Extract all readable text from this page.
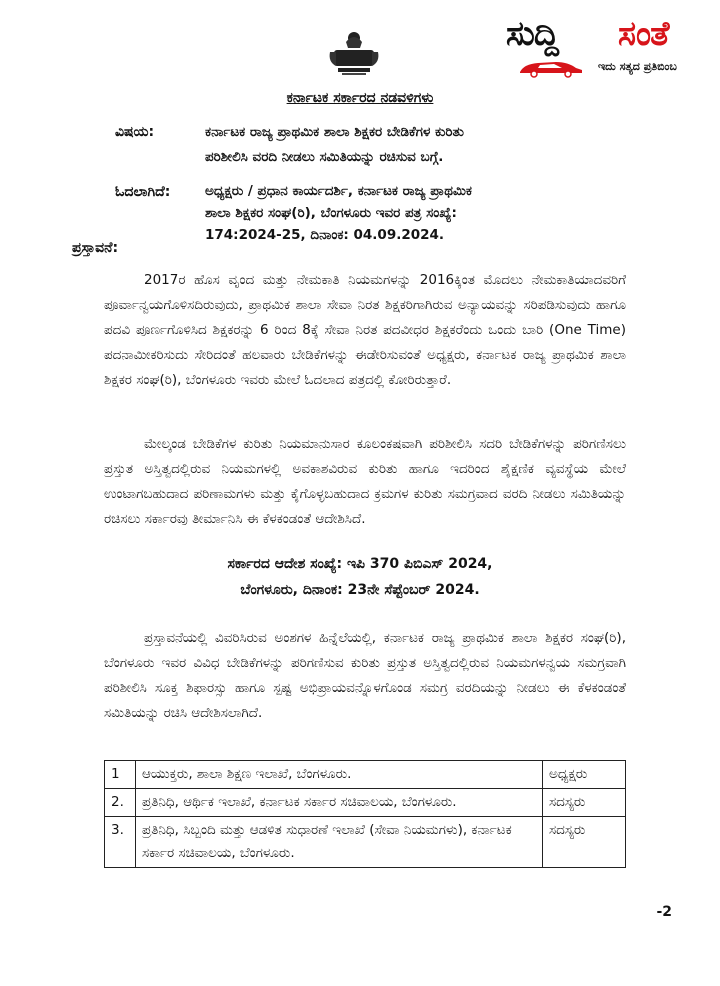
ಸುದ್ದಿ ಸಂತೆ
ಇದು ಸತ್ಯದ ಪ್ರತಿಬಿಂಬ
ಕರ್ನಾಟಕ ಸರ್ಕಾರದ ನಡವಳಿಗಳು
ವಿಷಯ:	ಕರ್ನಾಟಕ ರಾಜ್ಯ ಪ್ರಾಥಮಿಕ ಶಾಲಾ ಶಿಕ್ಷಕರ ಬೇಡಿಕೆಗಳ ಕುರಿತು
ಪರಿಶೀಲಿಸಿ ವರದಿ ನೀಡಲು ಸಮಿತಿಯನ್ನು ರಚಿಸುವ ಬಗ್ಗೆ.
ಓದಲಾಗಿದೆ:	ಅಧ್ಯಕ್ಷರು / ಪ್ರಧಾನ ಕಾರ್ಯದರ್ಶಿ, ಕರ್ನಾಟಕ ರಾಜ್ಯ ಪ್ರಾಥಮಿಕ
ಶಾಲಾ ಶಿಕ್ಷಕರ ಸಂಘ(ರಿ), ಬೆಂಗಳೂರು ಇವರ ಪತ್ರ ಸಂಖ್ಯೆ:
174:2024-25, ದಿನಾಂಕ: 04.09.2024.
ಪ್ರಸ್ತಾವನೆ:
2017ರ ಹೊಸ ವೃಂದ ಮತ್ತು ನೇಮಕಾತಿ ನಿಯಮಗಳನ್ನು 2016ಕ್ಕಿಂತ ಮೊದಲು ನೇಮಕಾತಿಯಾದವರಿಗೆ ಪೂರ್ವಾನ್ವಯಗೊಳಿಸದಿರುವುದು, ಪ್ರಾಥಮಿಕ ಶಾಲಾ ಸೇವಾ ನಿರತ ಶಿಕ್ಷಕರಿಗಾಗಿರುವ ಅನ್ಯಾಯವನ್ನು ಸರಿಪಡಿಸುವುದು ಹಾಗೂ ಪದವಿ ಪೂರ್ಣಗೊಳಿಸಿದ ಶಿಕ್ಷಕರನ್ನು 6 ರಿಂದ 8ಕ್ಕೆ ಸೇವಾ ನಿರತ ಪದವೀಧರ ಶಿಕ್ಷಕರೆಂದು ಒಂದು ಬಾರಿ (One Time) ಪದನಾಮೀಕರಿಸುದು ಸೇರಿದಂತೆ ಹಲವಾರು ಬೇಡಿಕೆಗಳನ್ನು ಈಡೇರಿಸುವಂತೆ ಅಧ್ಯಕ್ಷರು, ಕರ್ನಾಟಕ ರಾಜ್ಯ ಪ್ರಾಥಮಿಕ ಶಾಲಾ ಶಿಕ್ಷಕರ ಸಂಘ(ರಿ), ಬೆಂಗಳೂರು ಇವರು ಮೇಲೆ ಓದಲಾದ ಪತ್ರದಲ್ಲಿ ಕೋರಿರುತ್ತಾರೆ.
ಮೇಲ್ಕಂಡ ಬೇಡಿಕೆಗಳ ಕುರಿತು ನಿಯಮಾನುಸಾರ ಕೂಲಂಕಷವಾಗಿ ಪರಿಶೀಲಿಸಿ ಸದರಿ ಬೇಡಿಕೆಗಳನ್ನು ಪರಿಗಣಿಸಲು ಪ್ರಸ್ತುತ ಅಸ್ತಿತ್ವದಲ್ಲಿರುವ ನಿಯಮಗಳಲ್ಲಿ ಅವಕಾಶವಿರುವ ಕುರಿತು ಹಾಗೂ ಇದರಿಂದ ಶೈಕ್ಷಣಿಕ ವ್ಯವಸ್ಥೆಯ ಮೇಲೆ ಉಂಟಾಗಬಹುದಾದ ಪರಿಣಾಮಗಳು ಮತ್ತು ಕೈಗೊಳ್ಳಬಹುದಾದ ಕ್ರಮಗಳ ಕುರಿತು ಸಮಗ್ರವಾದ ವರದಿ ನೀಡಲು ಸಮಿತಿಯನ್ನು ರಚಿಸಲು ಸರ್ಕಾರವು ತೀರ್ಮಾನಿಸಿ ಈ ಕೆಳಕಂಡಂತೆ ಆದೇಶಿಸಿದೆ.
ಸರ್ಕಾರದ ಆದೇಶ ಸಂಖ್ಯೆ: ಇಪಿ 370 ಪಿಬಿಎಸ್ 2024,
ಬೆಂಗಳೂರು, ದಿನಾಂಕ: 23ನೇ ಸೆಪ್ಟೆಂಬರ್ 2024.
ಪ್ರಸ್ತಾವನೆಯಲ್ಲಿ ವಿವರಿಸಿರುವ ಅಂಶಗಳ ಹಿನ್ನೆಲೆಯಲ್ಲಿ, ಕರ್ನಾಟಕ ರಾಜ್ಯ ಪ್ರಾಥಮಿಕ ಶಾಲಾ ಶಿಕ್ಷಕರ ಸಂಘ(ರಿ), ಬೆಂಗಳೂರು ಇವರ ವಿವಿಧ ಬೇಡಿಕೆಗಳನ್ನು ಪರಿಗಣಿಸುವ ಕುರಿತು ಪ್ರಸ್ತುತ ಅಸ್ತಿತ್ವದಲ್ಲಿರುವ ನಿಯಮಗಳನ್ವಯ ಸಮಗ್ರವಾಗಿ ಪರಿಶೀಲಿಸಿ ಸೂಕ್ತ ಶಿಫಾರಸ್ಸು ಹಾಗೂ ಸ್ಪಷ್ಟ ಅಭಿಪ್ರಾಯವನ್ನೊಳಗೊಂಡ ಸಮಗ್ರ ವರದಿಯನ್ನು ನೀಡಲು ಈ ಕೆಳಕಂಡಂತೆ ಸಮಿತಿಯನ್ನು ರಚಿಸಿ ಆದೇಶಿಸಲಾಗಿದೆ.
1	ಆಯುಕ್ತರು, ಶಾಲಾ ಶಿಕ್ಷಣ ಇಲಾಖೆ, ಬೆಂಗಳೂರು.	ಅಧ್ಯಕ್ಷರು
2.	ಪ್ರತಿನಿಧಿ, ಆರ್ಥಿಕ ಇಲಾಖೆ, ಕರ್ನಾಟಕ ಸರ್ಕಾರ ಸಚಿವಾಲಯ, ಬೆಂಗಳೂರು.	ಸದಸ್ಯರು
3.	ಪ್ರತಿನಿಧಿ, ಸಿಬ್ಬಂದಿ ಮತ್ತು ಆಡಳಿತ ಸುಧಾರಣೆ ಇಲಾಖೆ (ಸೇವಾ ನಿಯಮಗಳು), ಕರ್ನಾಟಕ ಸರ್ಕಾರ ಸಚಿವಾಲಯ, ಬೆಂಗಳೂರು.	ಸದಸ್ಯರು
-2
